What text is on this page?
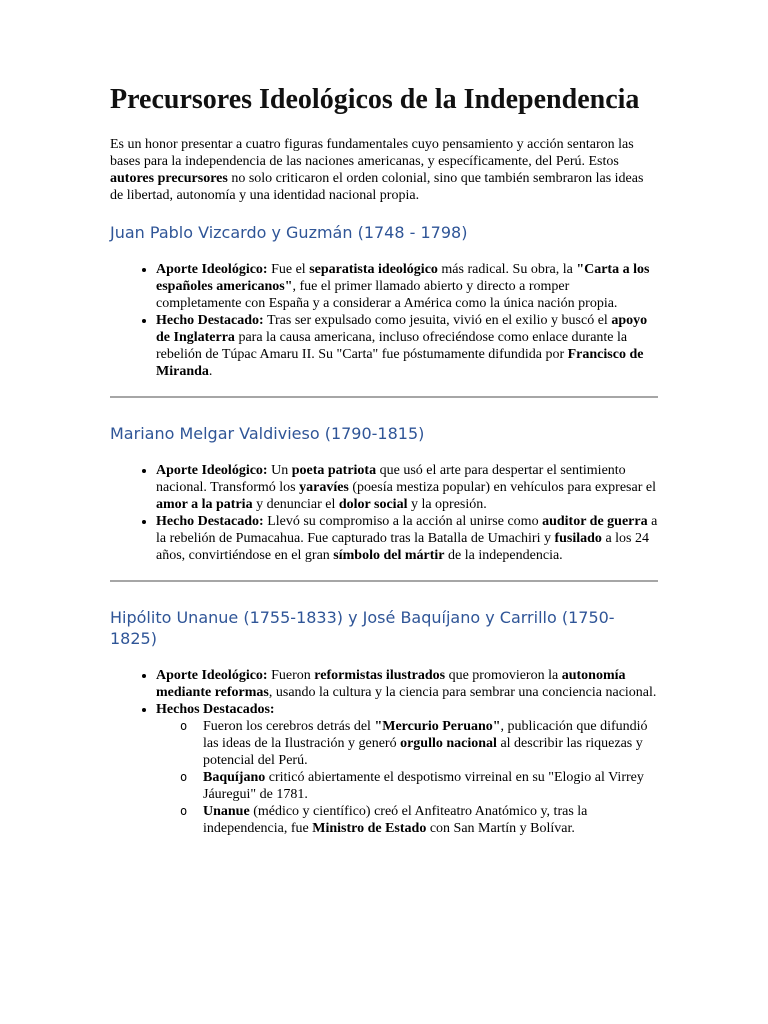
Precursores Ideológicos de la Independencia

Es un honor presentar a cuatro figuras fundamentales cuyo pensamiento y acción sentaron las bases para la independencia de las naciones americanas, y específicamente, del Perú. Estos autores precursores no solo criticaron el orden colonial, sino que también sembraron las ideas de libertad, autonomía y una identidad nacional propia.

Juan Pablo Vizcardo y Guzmán (1748 - 1798)
• Aporte Ideológico: Fue el separatista ideológico más radical. Su obra, la "Carta a los españoles americanos", fue el primer llamado abierto y directo a romper completamente con España y a considerar a América como la única nación propia.
• Hecho Destacado: Tras ser expulsado como jesuita, vivió en el exilio y buscó el apoyo de Inglaterra para la causa americana, incluso ofreciéndose como enlace durante la rebelión de Túpac Amaru II. Su "Carta" fue póstumamente difundida por Francisco de Miranda.
Mariano Melgar Valdivieso (1790-1815)
• Aporte Ideológico: Un poeta patriota que usó el arte para despertar el sentimiento nacional. Transformó los yaravíes (poesía mestiza popular) en vehículos para expresar el amor a la patria y denunciar el dolor social y la opresión.
• Hecho Destacado: Llevó su compromiso a la acción al unirse como auditor de guerra a la rebelión de Pumacahua. Fue capturado tras la Batalla de Umachiri y fusilado a los 24 años, convirtiéndose en el gran símbolo del mártir de la independencia.
Hipólito Unanue (1755-1833) y José Baquíjano y Carrillo (1750-1825)
• Aporte Ideológico: Fueron reformistas ilustrados que promovieron la autonomía mediante reformas, usando la cultura y la ciencia para sembrar una conciencia nacional.
• Hechos Destacados:
o Fueron los cerebros detrás del "Mercurio Peruano", publicación que difundió las ideas de la Ilustración y generó orgullo nacional al describir las riquezas y potencial del Perú.
o Baquíjano criticó abiertamente el despotismo virreinal en su "Elogio al Virrey Jáuregui" de 1781.
o Unanue (médico y científico) creó el Anfiteatro Anatómico y, tras la independencia, fue Ministro de Estado con San Martín y Bolívar.
